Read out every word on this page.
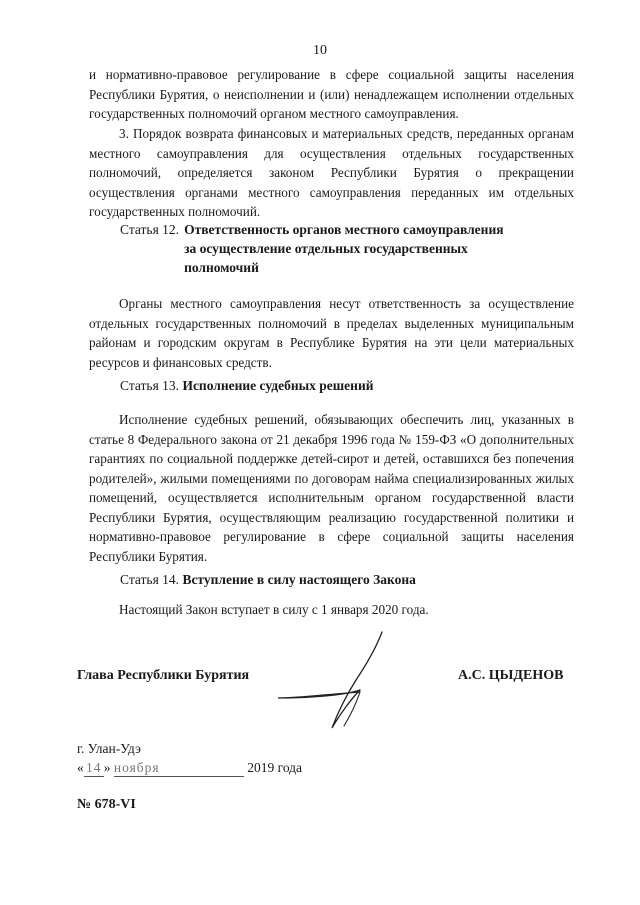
10

и нормативно-правовое регулирование в сфере социальной защиты населения Республики Бурятия, о неисполнении и (или) ненадлежащем исполнении отдельных государственных полномочий органом местного самоуправления.

3. Порядок возврата финансовых и материальных средств, переданных органам местного самоуправления для осуществления отдельных государственных полномочий, определяется законом Республики Бурятия о прекращении осуществления органами местного самоуправления переданных им отдельных государственных полномочий.

Статья 12. Ответственность органов местного самоуправления
за осуществление отдельных государственных
полномочий

Органы местного самоуправления несут ответственность за осуществление отдельных государственных полномочий в пределах выделенных муниципальным районам и городским округам в Республике Бурятия на эти цели материальных ресурсов и финансовых средств.

Статья 13. Исполнение судебных решений

Исполнение судебных решений, обязывающих обеспечить лиц, указанных в статье 8 Федерального закона от 21 декабря 1996 года № 159-ФЗ «О дополнительных гарантиях по социальной поддержке детей-сирот и детей, оставшихся без попечения родителей», жилыми помещениями по договорам найма специализированных жилых помещений, осуществляется исполнительным органом государственной власти Республики Бурятия, осуществляющим реализацию государственной политики и нормативно-правовое регулирование в сфере социальной защиты населения Республики Бурятия.

Статья 14. Вступление в силу настоящего Закона

Настоящий Закон вступает в силу с 1 января 2020 года.

Глава Республики Бурятия	А.С. ЦЫДЕНОВ
г. Улан-Удэ
« 14 » ноября	2019 года
№ 678-VI
